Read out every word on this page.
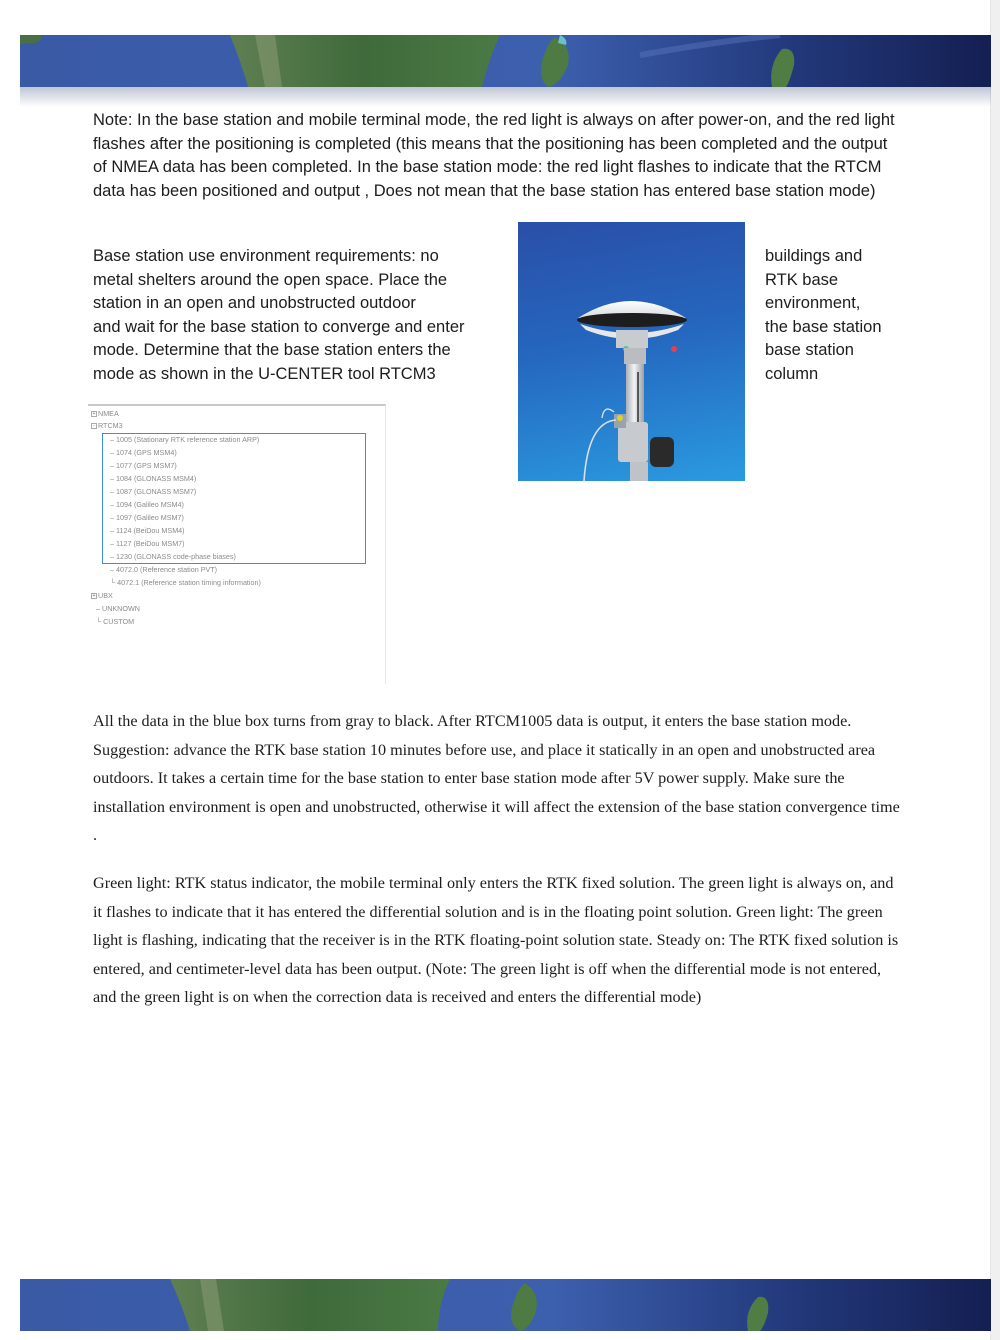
Note: In the base station and mobile terminal mode, the red light is always on after power-on, and the red light flashes after the positioning is completed (this means that the positioning has been completed and the output of NMEA data has been completed. In the base station mode: the red light flashes to indicate that the RTCM data has been positioned and output , Does not mean that the base station has entered base station mode)

Base station use environment requirements: no
metal shelters around the open space. Place the
station in an open and unobstructed outdoor
and wait for the base station to converge and enter
mode. Determine that the base station enters the
mode as shown in the U-CENTER tool RTCM3
buildings and
RTK base
environment,
the base station
base station
column
+ NMEA
- RTCM3
– 1005 (Stationary RTK reference station ARP)
– 1074 (GPS MSM4)
– 1077 (GPS MSM7)
– 1084 (GLONASS MSM4)
– 1087 (GLONASS MSM7)
– 1094 (Galileo MSM4)
– 1097 (Galileo MSM7)
– 1124 (BeiDou MSM4)
– 1127 (BeiDou MSM7)
– 1230 (GLONASS code-phase biases)
– 4072.0 (Reference station PVT)
└ 4072.1 (Reference station timing information)
+ UBX
– UNKNOWN
└ CUSTOM

All the data in the blue box turns from gray to black. After RTCM1005 data is output, it enters the base station mode. Suggestion: advance the RTK base station 10 minutes before use, and place it statically in an open and unobstructed area outdoors. It takes a certain time for the base station to enter base station mode after 5V power supply. Make sure the installation environment is open and unobstructed, otherwise it will affect the extension of the base station convergence time .

Green light: RTK status indicator, the mobile terminal only enters the RTK fixed solution. The green light is always on, and it flashes to indicate that it has entered the differential solution and is in the floating point solution. Green light: The green light is flashing, indicating that the receiver is in the RTK floating-point solution state. Steady on: The RTK fixed solution is entered, and centimeter-level data has been output. (Note: The green light is off when the differential mode is not entered, and the green light is on when the correction data is received and enters the differential mode)
